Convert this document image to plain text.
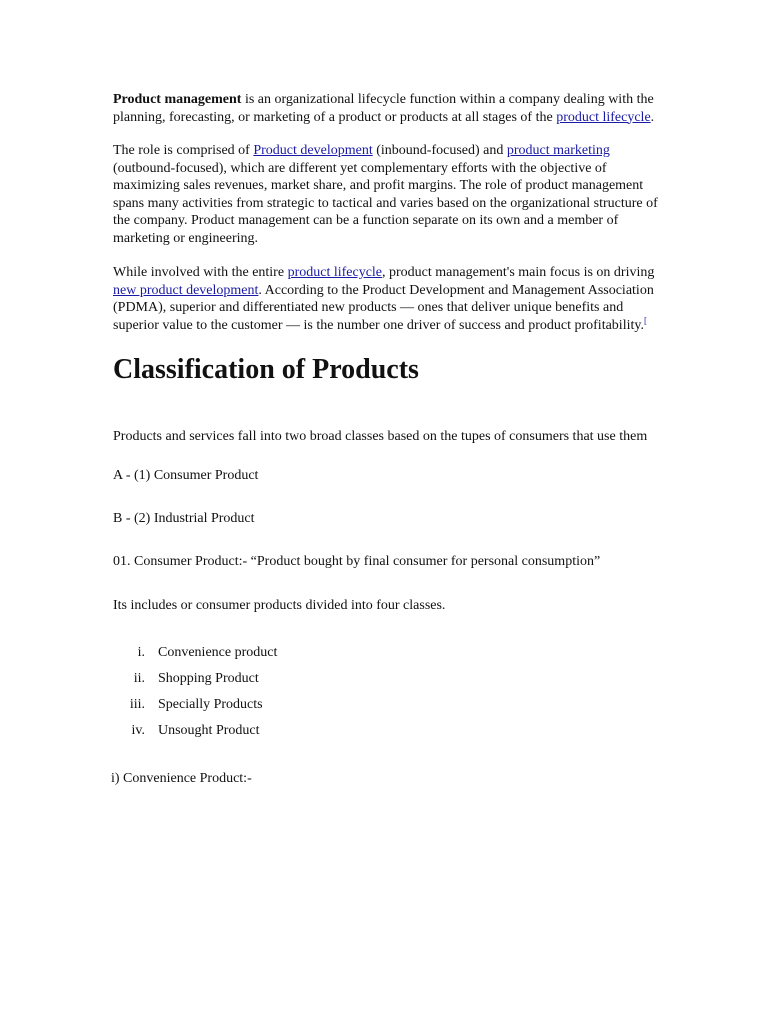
Product management is an organizational lifecycle function within a company dealing with the planning, forecasting, or marketing of a product or products at all stages of the product lifecycle.

The role is comprised of Product development (inbound-focused) and product marketing (outbound-focused), which are different yet complementary efforts with the objective of maximizing sales revenues, market share, and profit margins. The role of product management spans many activities from strategic to tactical and varies based on the organizational structure of the company. Product management can be a function separate on its own and a member of marketing or engineering.

While involved with the entire product lifecycle, product management's main focus is on driving new product development. According to the Product Development and Management Association (PDMA), superior and differentiated new products — ones that deliver unique benefits and superior value to the customer — is the number one driver of success and product profitability.[

Classification of Products

Products and services fall into two broad classes based on the tupes of consumers that use them

A - (1) Consumer Product

B - (2) Industrial Product

01. Consumer Product:- “Product bought by final consumer for personal consumption”

Its includes or consumer products divided into four classes.

i. Convenience product
ii. Shopping Product
iii. Specially Products
iv. Unsought Product

i) Convenience Product:-
